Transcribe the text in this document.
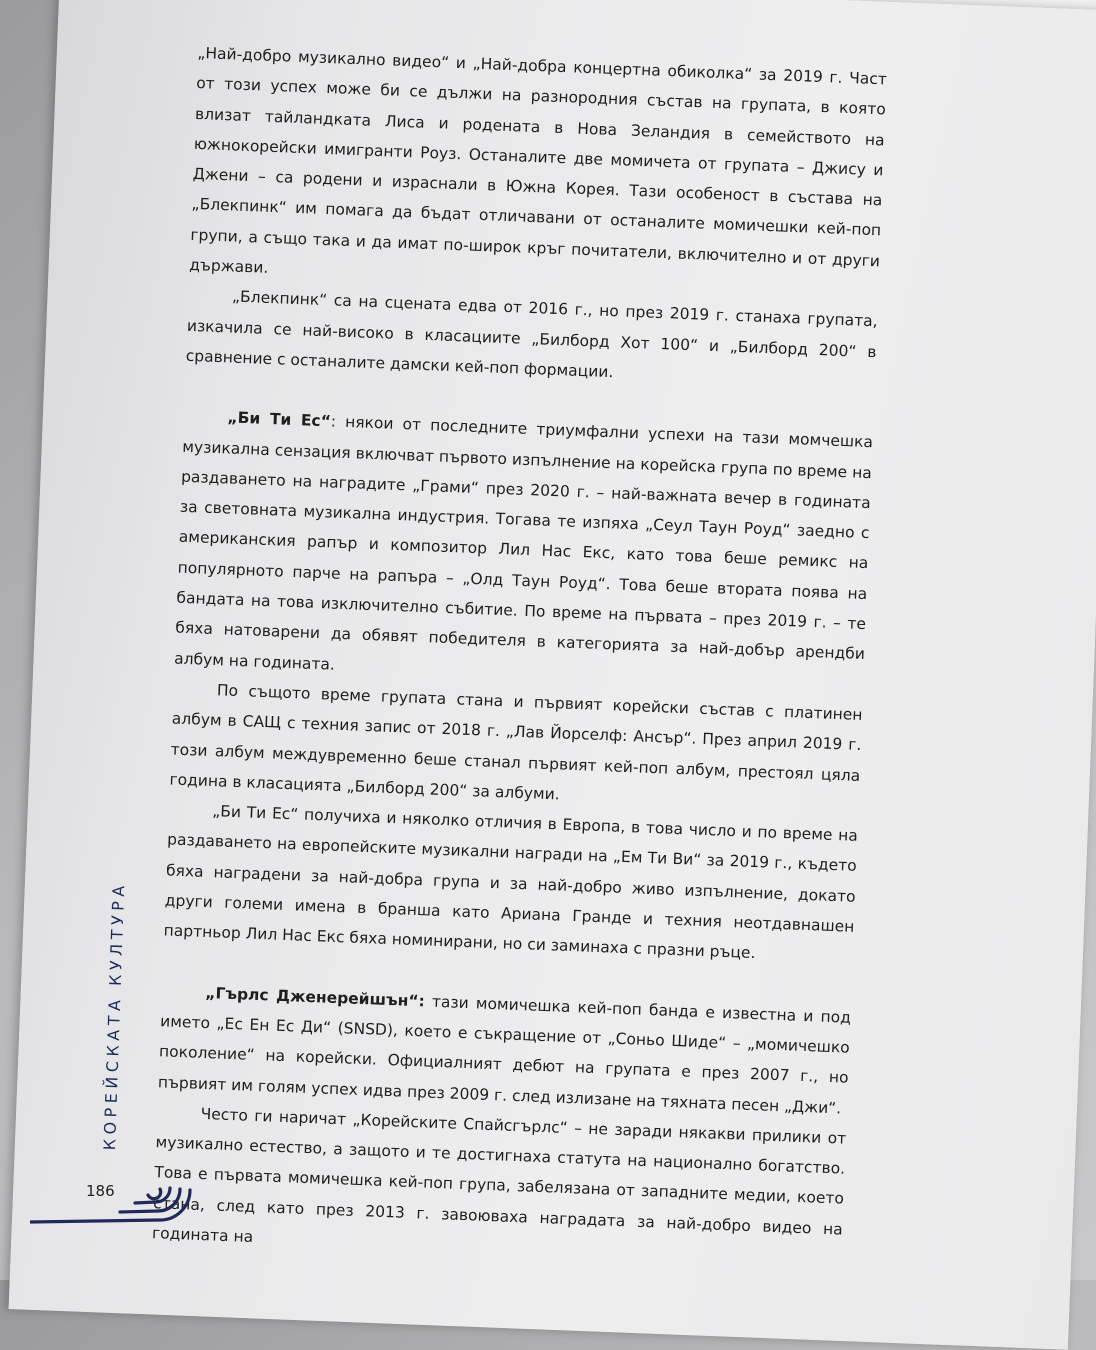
„Най-добро музикално видео“ и „Най-добра концертна обиколка“ за 2019 г. Част от този успех може би се дължи на разнородния състав на групата, в която влизат тайландката Лиса и родената в Нова Зеландия в семейството на южнокорейски имигранти Роуз. Останалите две момичета от групата – Джису и Джени – са родени и израснали в Южна Корея. Тази особеност в състава на „Блекпинк“ им помага да бъдат отличавани от останалите момичешки кей-поп групи, а също така и да имат по-широк кръг почитатели, включително и от други държави.

„Блекпинк“ са на сцената едва от 2016 г., но през 2019 г. станаха групата, изкачила се най-високо в класациите „Билборд Хот 100“ и „Билборд 200“ в сравнение с останалите дамски кей-поп формации.

„Би Ти Ес“: някои от последните триумфални успехи на тази момчешка музикална сензация включват първото изпълнение на корейска група по време на раздаването на наградите „Грами“ през 2020 г. – най-важната вечер в годината за световната музикална индустрия. Тогава те изпяха „Сеул Таун Роуд“ заедно с американския рапър и композитор Лил Нас Екс, като това беше ремикс на популярното парче на рапъра – „Олд Таун Роуд“. Това беше втората поява на бандата на това изключително събитие. По време на първата – през 2019 г. – те бяха натоварени да обявят победителя в категорията за най-добър арендби албум на годината.

По същото време групата стана и първият корейски състав с платинен албум в САЩ с техния запис от 2018 г. „Лав Йорселф: Ансър“. През април 2019 г. този албум междувременно беше станал първият кей-поп албум, престоял цяла година в класацията „Билборд 200“ за албуми.

„Би Ти Ес“ получиха и няколко отличия в Европа, в това число и по време на раздаването на европейските музикални награди на „Ем Ти Ви“ за 2019 г., където бяха наградени за най-добра група и за най-добро живо изпълнение, докато други големи имена в бранша като Ариана Гранде и техния неотдавнашен партньор Лил Нас Екс бяха номинирани, но си заминаха с празни ръце.

„Гърлс Дженерейшън“: тази момичешка кей-поп банда е известна и под името „Ес Ен Ес Ди“ (SNSD), което е съкращение от „Соньо Шиде“ – „момичешко поколение“ на корейски. Официалният дебют на групата е през 2007 г., но първият им голям успех идва през 2009 г. след излизане на тяхната песен „Джи“.

Често ги наричат „Корейските Спайсгърлс“ – не заради някакви прилики от музикално естество, а защото и те достигнаха статута на национално богатство. Това е първата момичешка кей-поп група, забелязана от западните медии, което стана, след като през 2013 г. завоюваха наградата за най-добро видео на годината на

КОРЕЙСКАТА КУЛТУРА
186
